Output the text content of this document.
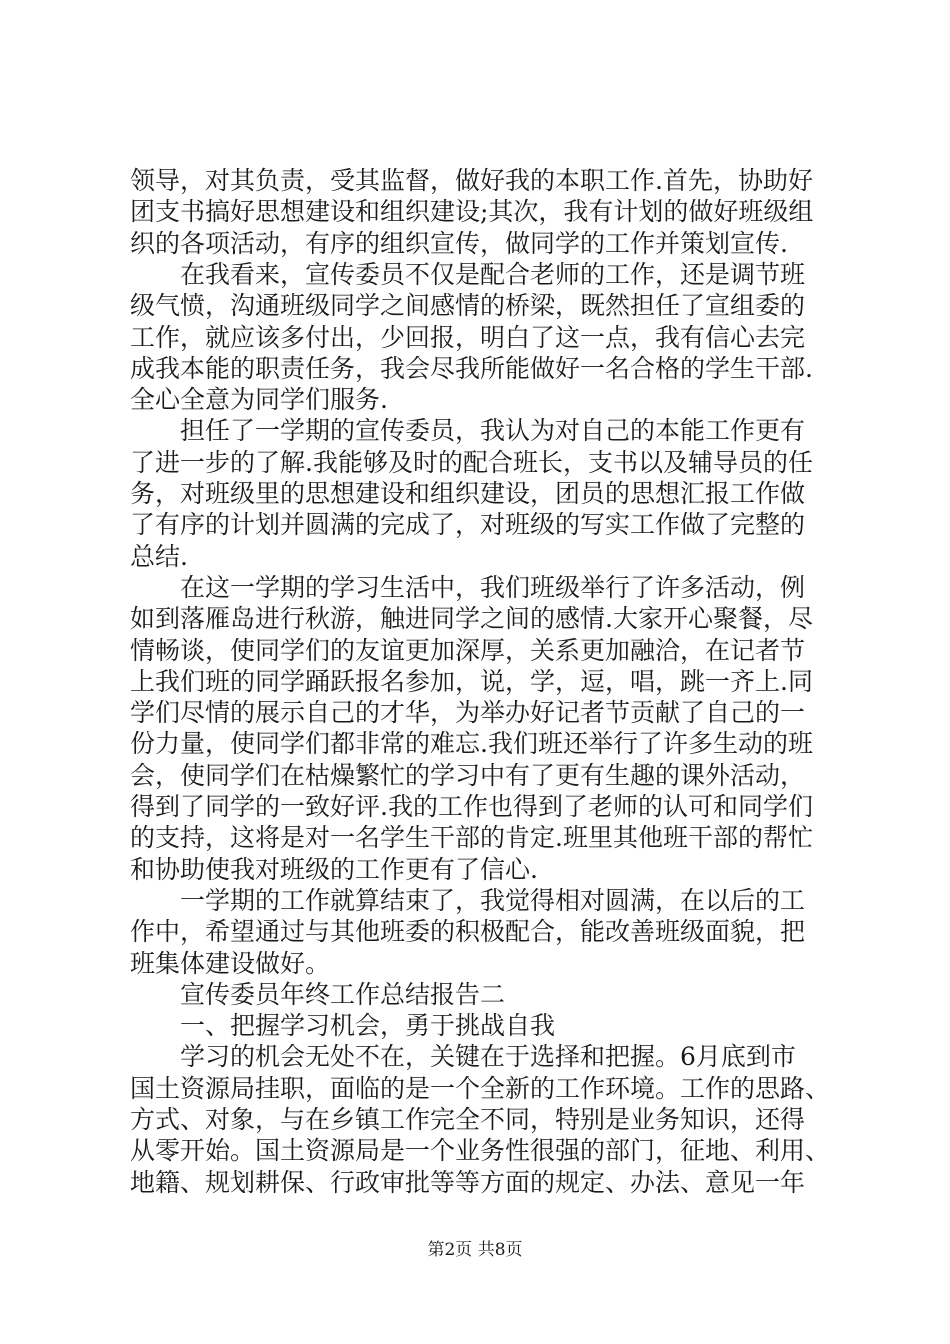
领导，对其负责，受其监督，做好我的本职工作.首先，协助好
团支书搞好思想建设和组织建设;其次，我有计划的做好班级组
织的各项活动，有序的组织宣传，做同学的工作并策划宣传.
　　在我看来，宣传委员不仅是配合老师的工作，还是调节班
级气愤，沟通班级同学之间感情的桥梁，既然担任了宣组委的
工作，就应该多付出，少回报，明白了这一点，我有信心去完
成我本能的职责任务，我会尽我所能做好一名合格的学生干部.
全心全意为同学们服务.
　　担任了一学期的宣传委员，我认为对自己的本能工作更有
了进一步的了解.我能够及时的配合班长，支书以及辅导员的任
务，对班级里的思想建设和组织建设，团员的思想汇报工作做
了有序的计划并圆满的完成了，对班级的写实工作做了完整的
总结.
　　在这一学期的学习生活中，我们班级举行了许多活动，例
如到落雁岛进行秋游，触进同学之间的感情.大家开心聚餐，尽
情畅谈，使同学们的友谊更加深厚，关系更加融洽，在记者节
上我们班的同学踊跃报名参加，说，学，逗，唱，跳一齐上.同
学们尽情的展示自己的才华，为举办好记者节贡献了自己的一
份力量，使同学们都非常的难忘.我们班还举行了许多生动的班
会，使同学们在枯燥繁忙的学习中有了更有生趣的课外活动，
得到了同学的一致好评.我的工作也得到了老师的认可和同学们
的支持，这将是对一名学生干部的肯定.班里其他班干部的帮忙
和协助使我对班级的工作更有了信心.
　　一学期的工作就算结束了，我觉得相对圆满，在以后的工
作中，希望通过与其他班委的积极配合，能改善班级面貌，把
班集体建设做好。
　　宣传委员年终工作总结报告二
　　一、把握学习机会，勇于挑战自我
　　学习的机会无处不在，关键在于选择和把握。6月底到市
国土资源局挂职，面临的是一个全新的工作环境。工作的思路、
方式、对象，与在乡镇工作完全不同，特别是业务知识，还得
从零开始。国土资源局是一个业务性很强的部门，征地、利用、
地籍、规划耕保、行政审批等等方面的规定、办法、意见一年
第2页 共8页
